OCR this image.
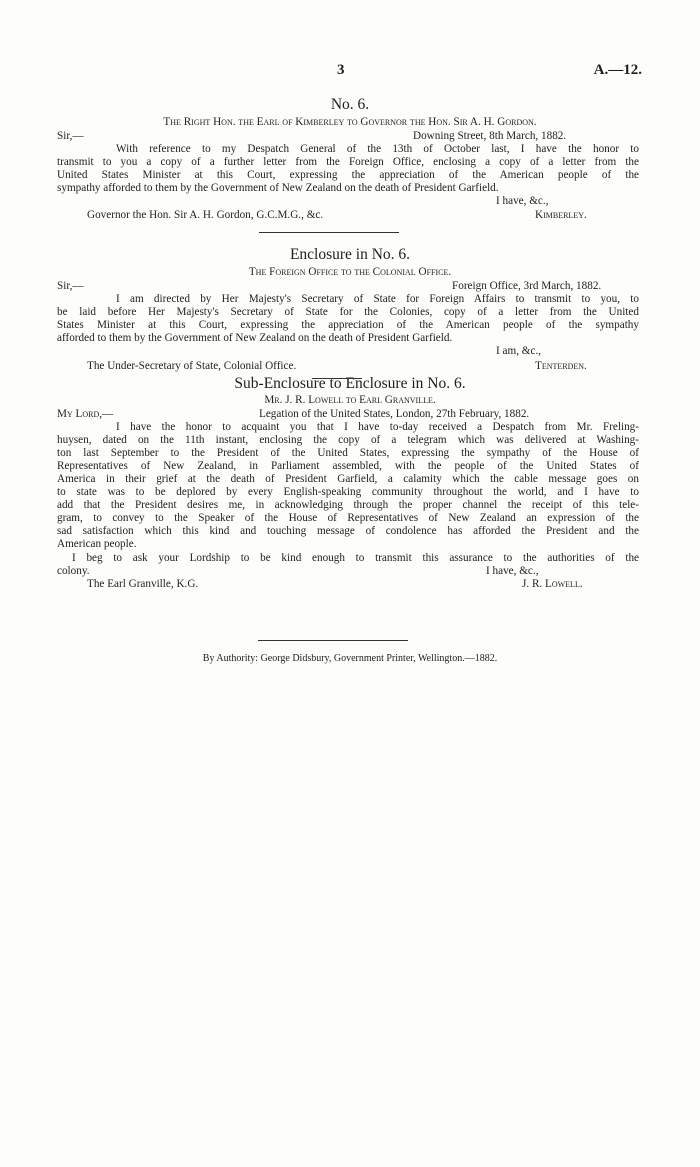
3	A.—12.
No. 6.
The Right Hon. the Earl of Kimberley to Governor the Hon. Sir A. H. Gordon.
Sir,—	Downing Street, 8th March, 1882.
With reference to my Despatch General of the 13th of October last, I have the honor to
transmit to you a copy of a further letter from the Foreign Office, enclosing a copy of a letter from the
United States Minister at this Court, expressing the appreciation of the American people of the
sympathy afforded to them by the Government of New Zealand on the death of President Garfield.
I have, &c.,
Governor the Hon. Sir A. H. Gordon, G.C.M.G., &c.	Kimberley.
Enclosure in No. 6.
The Foreign Office to the Colonial Office.
Sir,—	Foreign Office, 3rd March, 1882.
I am directed by Her Majesty's Secretary of State for Foreign Affairs to transmit to you, to
be laid before Her Majesty's Secretary of State for the Colonies, copy of a letter from the United
States Minister at this Court, expressing the appreciation of the American people of the sympathy
afforded to them by the Government of New Zealand on the death of President Garfield.
I am, &c.,
The Under-Secretary of State, Colonial Office.	Tenterden.
Sub-Enclosure to Enclosure in No. 6.
Mr. J. R. Lowell to Earl Granville.
My Lord,—	Legation of the United States, London, 27th February, 1882.
I have the honor to acquaint you that I have to-day received a Despatch from Mr. Freling-
huysen, dated on the 11th instant, enclosing the copy of a telegram which was delivered at Washing-
ton last September to the President of the United States, expressing the sympathy of the House of
Representatives of New Zealand, in Parliament assembled, with the people of the United States of
America in their grief at the death of President Garfield, a calamity which the cable message goes on
to state was to be deplored by every English-speaking community throughout the world, and I have to
add that the President desires me, in acknowledging through the proper channel the receipt of this tele-
gram, to convey to the Speaker of the House of Representatives of New Zealand an expression of the
sad satisfaction which this kind and touching message of condolence has afforded the President and the
American people.
I beg to ask your Lordship to be kind enough to transmit this assurance to the authorities of the
colony.	I have, &c.,
The Earl Granville, K.G.	J. R. Lowell.
By Authority: George Didsbury, Government Printer, Wellington.—1882.
